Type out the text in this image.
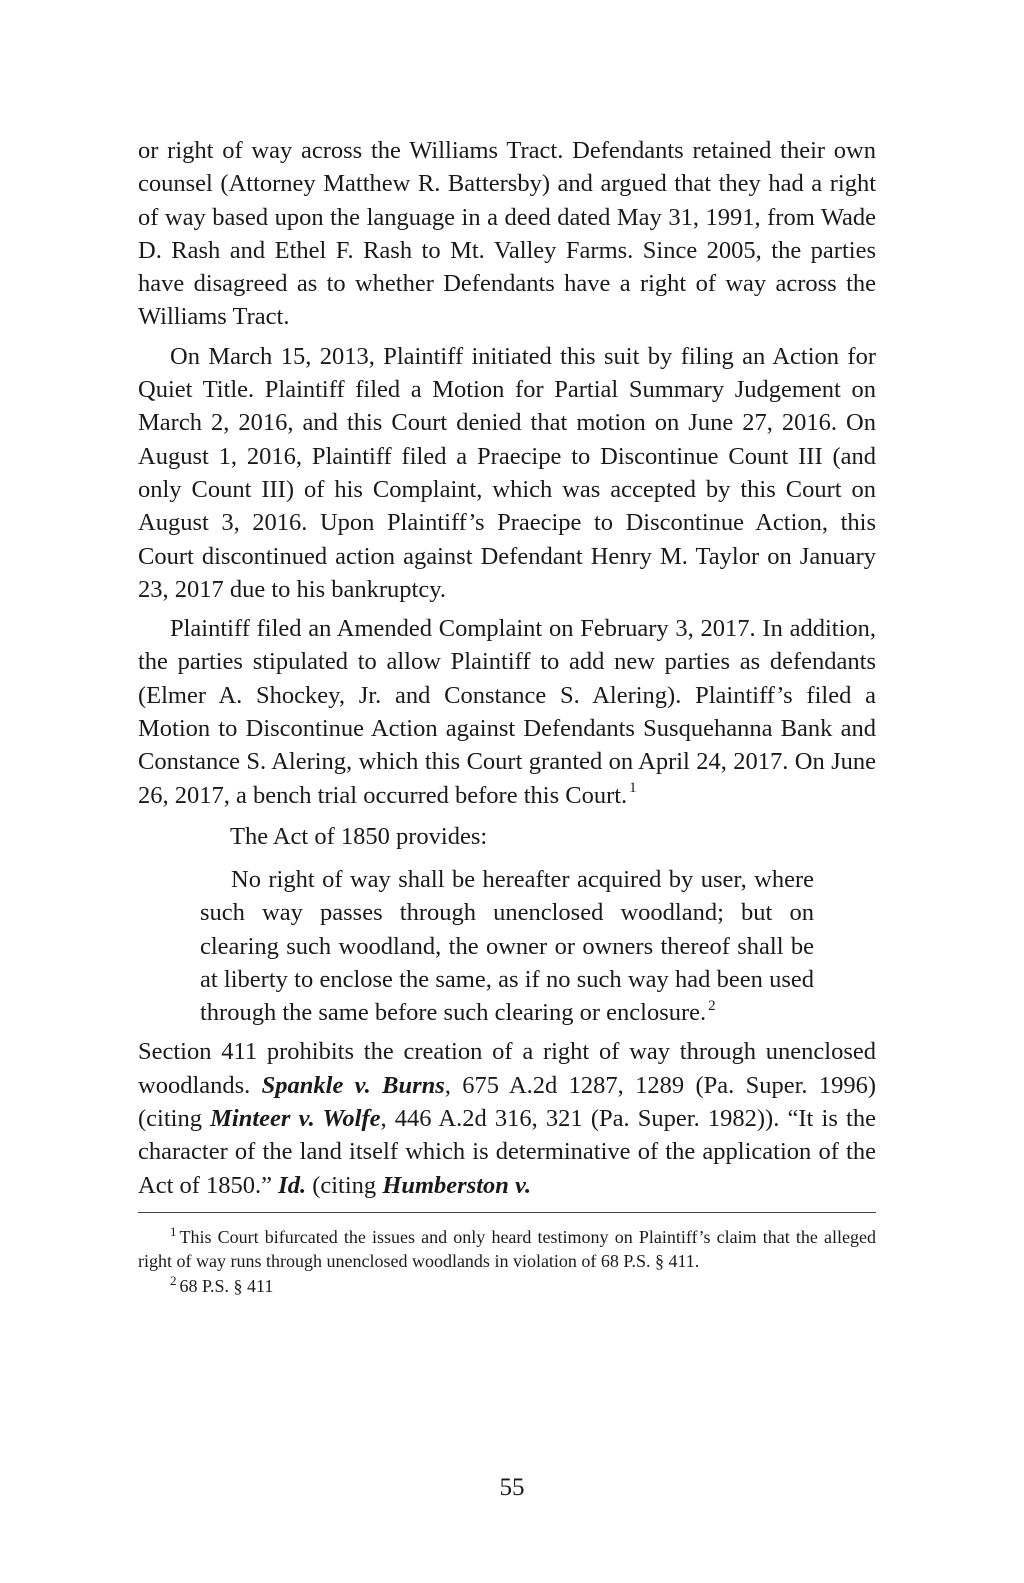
or right of way across the Williams Tract. Defendants retained their own counsel (Attorney Matthew R. Battersby) and argued that they had a right of way based upon the language in a deed dated May 31, 1991, from Wade D. Rash and Ethel F. Rash to Mt. Valley Farms. Since 2005, the parties have disagreed as to whether Defendants have a right of way across the Williams Tract.

On March 15, 2013, Plaintiff initiated this suit by filing an Action for Quiet Title. Plaintiff filed a Motion for Partial Summary Judgement on March 2, 2016, and this Court denied that motion on June 27, 2016. On August 1, 2016, Plaintiff filed a Praecipe to Discontinue Count III (and only Count III) of his Complaint, which was accepted by this Court on August 3, 2016. Upon Plaintiff’s Praecipe to Discontinue Action, this Court discontinued action against Defendant Henry M. Taylor on January 23, 2017 due to his bankruptcy.

Plaintiff filed an Amended Complaint on February 3, 2017. In addition, the parties stipulated to allow Plaintiff to add new parties as defendants (Elmer A. Shockey, Jr. and Constance S. Alering). Plaintiff’s filed a Motion to Discontinue Action against Defendants Susquehanna Bank and Constance S. Alering, which this Court granted on April 24, 2017. On June 26, 2017, a bench trial occurred before this Court. $^1$

The Act of 1850 provides:

No right of way shall be hereafter acquired by user, where such way passes through unenclosed woodland; but on clearing such woodland, the owner or owners thereof shall be at liberty to enclose the same, as if no such way had been used through the same before such clearing or enclosure. $^2$

Section 411 prohibits the creation of a right of way through unenclosed woodlands. Spankle v. Burns, 675 A.2d 1287, 1289 (Pa. Super. 1996) (citing Minteer v. Wolfe, 446 A.2d 316, 321 (Pa. Super. 1982)). “It is the character of the land itself which is determinative of the application of the Act of 1850.” Id. (citing Humberston v.

$^1$ This Court bifurcated the issues and only heard testimony on Plaintiff’s claim that the alleged right of way runs through unenclosed woodlands in violation of 68 P.S. § 411.

$^2$ 68 P.S. § 411

55
